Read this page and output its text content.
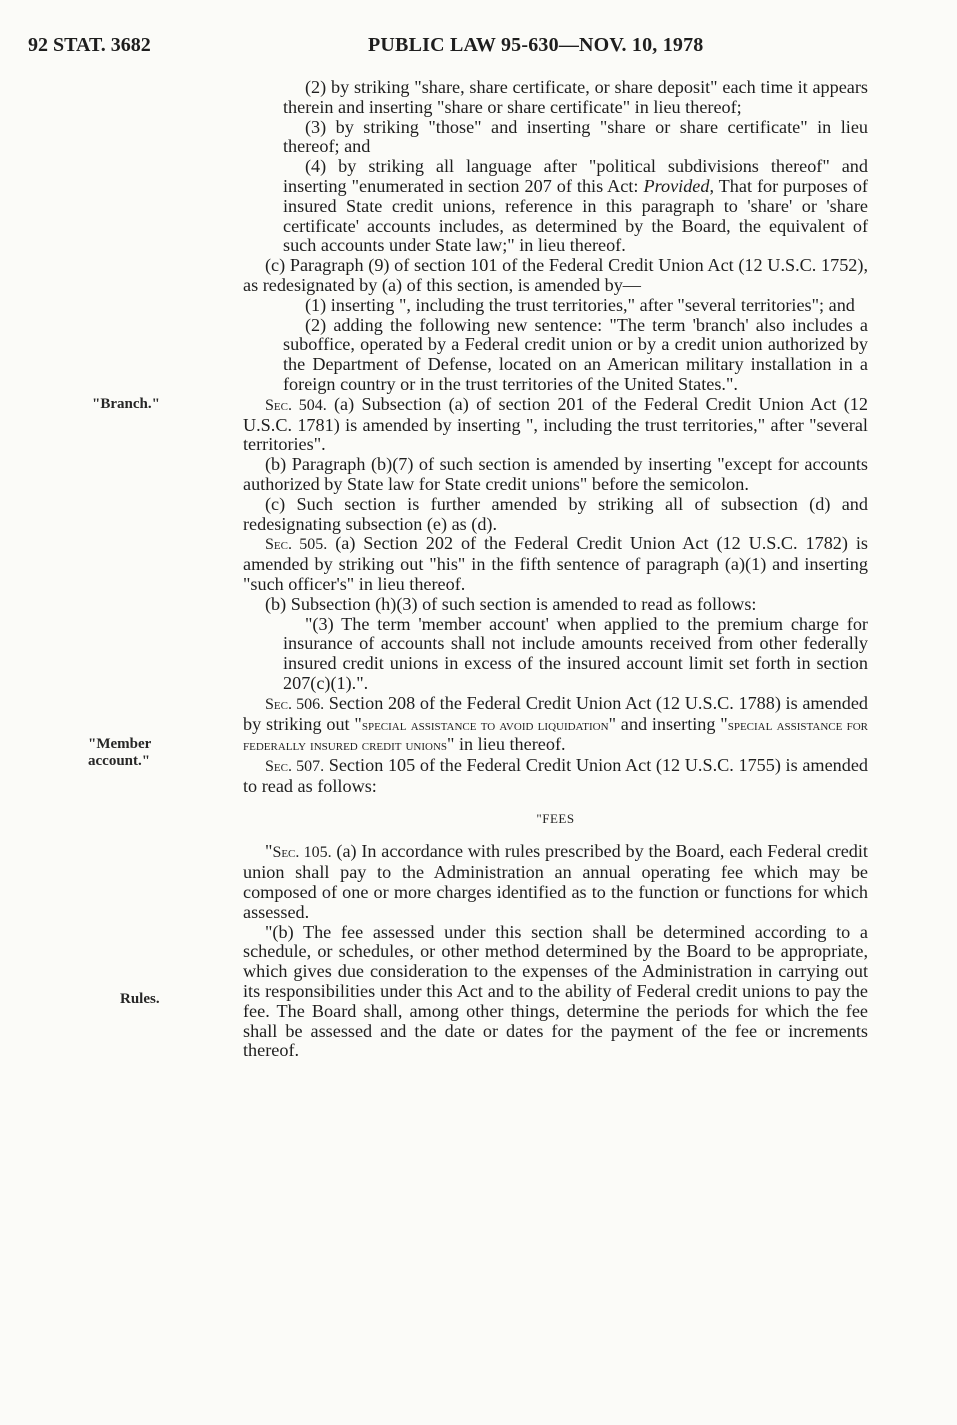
92 STAT. 3682	PUBLIC LAW 95-630—NOV. 10, 1978
"Branch."
"Member account."
Rules.

(2) by striking "share, share certificate, or share deposit" each time it appears therein and inserting "share or share certificate" in lieu thereof;

(3) by striking "those" and inserting "share or share certificate" in lieu thereof; and

(4) by striking all language after "political subdivisions thereof" and inserting "enumerated in section 207 of this Act: Provided, That for purposes of insured State credit unions, reference in this paragraph to 'share' or 'share certificate' accounts includes, as determined by the Board, the equivalent of such accounts under State law;" in lieu thereof.

(c) Paragraph (9) of section 101 of the Federal Credit Union Act (12 U.S.C. 1752), as redesignated by (a) of this section, is amended by—

(1) inserting ", including the trust territories," after "several territories"; and

(2) adding the following new sentence: "The term 'branch' also includes a suboffice, operated by a Federal credit union or by a credit union authorized by the Department of Defense, located on an American military installation in a foreign country or in the trust territories of the United States.".

Sec. 504. (a) Subsection (a) of section 201 of the Federal Credit Union Act (12 U.S.C. 1781) is amended by inserting ", including the trust territories," after "several territories".

(b) Paragraph (b)(7) of such section is amended by inserting "except for accounts authorized by State law for State credit unions" before the semicolon.

(c) Such section is further amended by striking all of subsection (d) and redesignating subsection (e) as (d).

Sec. 505. (a) Section 202 of the Federal Credit Union Act (12 U.S.C. 1782) is amended by striking out "his" in the fifth sentence of paragraph (a)(1) and inserting "such officer's" in lieu thereof.

(b) Subsection (h)(3) of such section is amended to read as follows:

"(3) The term 'member account' when applied to the premium charge for insurance of accounts shall not include amounts received from other federally insured credit unions in excess of the insured account limit set forth in section 207(c)(1).".

Sec. 506. Section 208 of the Federal Credit Union Act (12 U.S.C. 1788) is amended by striking out "special assistance to avoid liquidation" and inserting "special assistance for federally insured credit unions" in lieu thereof.

Sec. 507. Section 105 of the Federal Credit Union Act (12 U.S.C. 1755) is amended to read as follows:

"FEES

"Sec. 105. (a) In accordance with rules prescribed by the Board, each Federal credit union shall pay to the Administration an annual operating fee which may be composed of one or more charges identified as to the function or functions for which assessed.

"(b) The fee assessed under this section shall be determined according to a schedule, or schedules, or other method determined by the Board to be appropriate, which gives due consideration to the expenses of the Administration in carrying out its responsibilities under this Act and to the ability of Federal credit unions to pay the fee. The Board shall, among other things, determine the periods for which the fee shall be assessed and the date or dates for the payment of the fee or increments thereof.
